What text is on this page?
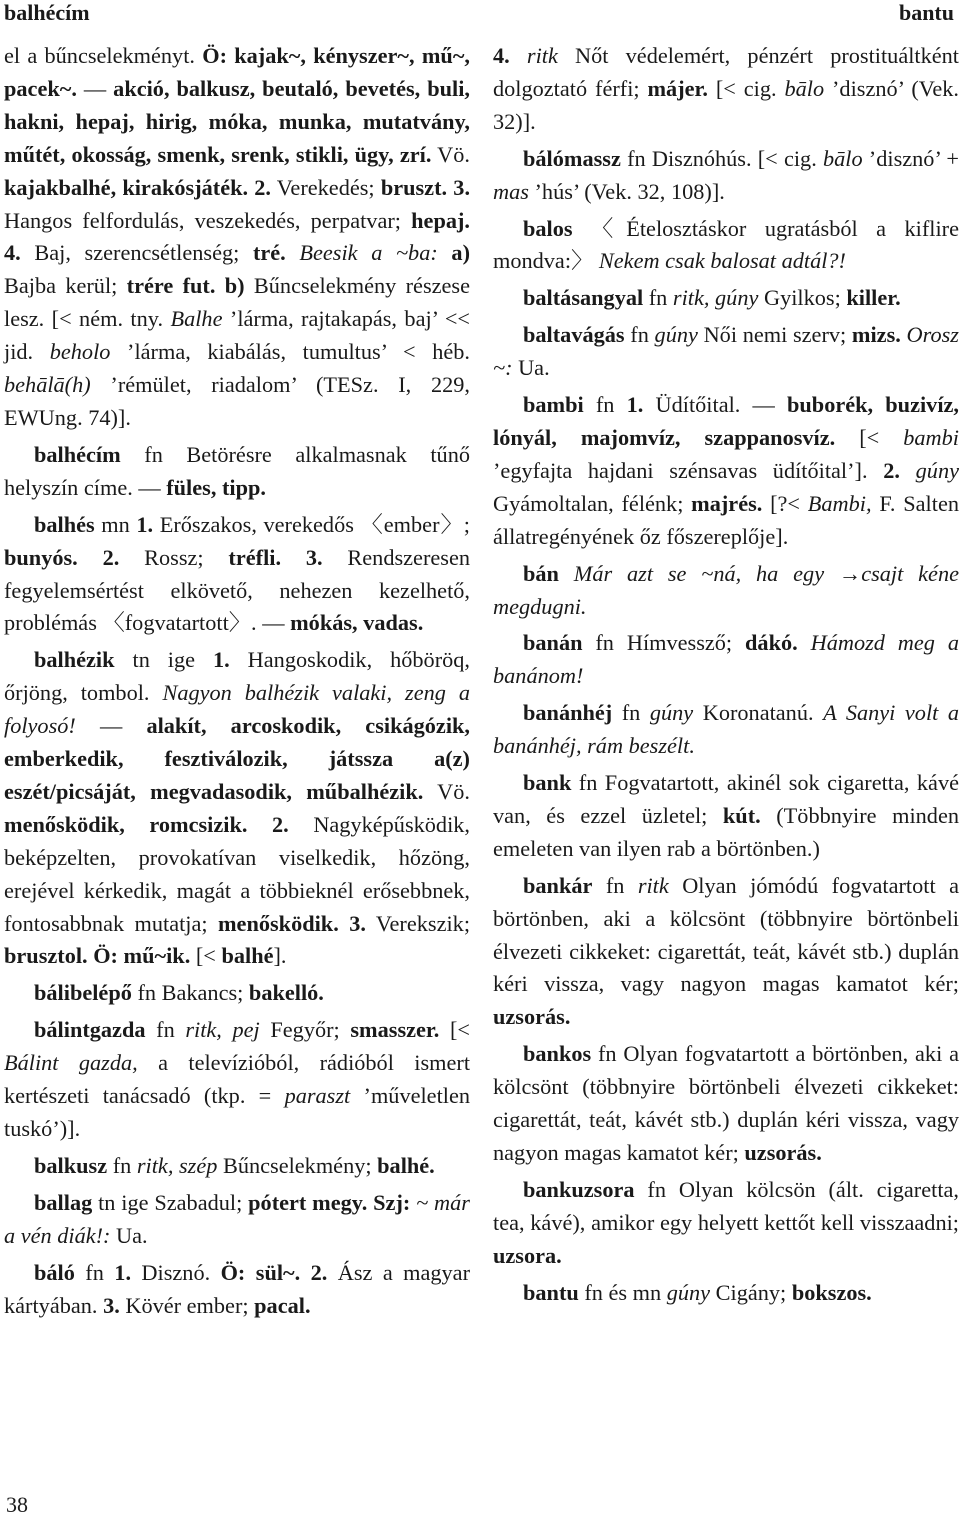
balhécím	bantu

el a bűncselekményt. Ö: kajak~, kényszer~, mű~, pacek~. — akció, balkusz, beutaló, bevetés, buli, hakni, hepaj, hirig, móka, munka, mutatvány, műtét, okosság, smenk, srenk, stikli, ügy, zrí. Vö. kajakbalhé, kirakósjáték. 2. Verekedés; bruszt. 3. Hangos felfordulás, veszekedés, perpatvar; hepaj. 4. Baj, szerencsétlenség; tré. Beesik a ~ba: a) Bajba kerül; trére fut. b) Bűncselekmény részese lesz. [< ném. tny. Balhe ’lárma, rajtakapás, baj’ << jid. beholo ’lárma, kiabálás, tumultus’ < héb. behālā(h) ’rémület, riadalom’ (TESz. I, 229, EWUng. 74)].

balhécím fn Betörésre alkalmasnak tűnő helyszín címe. — füles, tipp.

balhés mn 1. Erőszakos, verekedős 〈ember〉; bunyós. 2. Rossz; tréfli. 3. Rendszeresen fegyelemsértést elkövető, nehezen kezelhető, problémás 〈fogvatartott〉. — mókás, vadas.

balhézik tn ige 1. Hangoskodik, hőböröq, őrjöng, tombol. Nagyon balhézik valaki, zeng a folyosó! — alakít, arcoskodik, csikágózik, emberkedik, fesztiválozik, játssza a(z) eszét/picsáját, megvadasodik, műbalhézik. Vö. menősködik, romcsizik. 2. Nagyképűsködik, beképzelten, provokatívan viselkedik, hőzöng, erejével kérkedik, magát a többieknél erősebbnek, fontosabbnak mutatja; menősködik. 3. Verekszik; brusztol. Ö: mű~ik. [< balhé].

bálibelépő fn Bakancs; bakelló.

bálintgazda fn ritk, pej Fegyőr; smasszer. [< Bálint gazda, a televízióból, rádióból ismert kertészeti tanácsadó (tkp. = paraszt ’műveletlen tuskó’)].

balkusz fn ritk, szép Bűncselekmény; balhé.

ballag tn ige Szabadul; pótert megy. Szj: ~ már a vén diák!: Ua.

báló fn 1. Disznó. Ö: sül~. 2. Ász a magyar kártyában. 3. Kövér ember; pacal.

4. ritk Nőt védelemért, pénzért prostituáltként dolgoztató férfi; májer. [< cig. bālo ’disznó’ (Vek. 32)].

bálómassz fn Disznóhús. [< cig. bālo ’disznó’ + mas ’hús’ (Vek. 32, 108)].

balos 〈Ételosztáskor ugratásból a kiflire mondva:〉 Nekem csak balosat adtál?!

baltásangyal fn ritk, gúny Gyilkos; killer.

baltavágás fn gúny Női nemi szerv; mizs. Orosz ~: Ua.

bambi fn 1. Üdítőital. — buborék, buzivíz, lónyál, majomvíz, szappanosvíz. [< bambi ’egyfajta hajdani szénsavas üdítőital’]. 2. gúny Gyámoltalan, félénk; majrés. [?< Bambi, F. Salten állatregényének őz főszereplője].

bán Már azt se ~ná, ha egy →csajt kéne megdugni.

banán fn Hímvessző; dákó. Hámozd meg a banánom!

banánhéj fn gúny Koronatanú. A Sanyi volt a banánhéj, rám beszélt.

bank fn Fogvatartott, akinél sok cigaretta, kávé van, és ezzel üzletel; kút. (Többnyire minden emeleten van ilyen rab a börtönben.)

bankár fn ritk Olyan jómódú fogvatartott a börtönben, aki a kölcsönt (többnyire börtönbeli élvezeti cikkeket: cigarettát, teát, kávét stb.) duplán kéri vissza, vagy nagyon magas kamatot kér; uzsorás.

bankos fn Olyan fogvatartott a börtönben, aki a kölcsönt (többnyire börtönbeli élvezeti cikkeket: cigarettát, teát, kávét stb.) duplán kéri vissza, vagy nagyon magas kamatot kér; uzsorás.

bankuzsora fn Olyan kölcsön (ált. cigaretta, tea, kávé), amikor egy helyett kettőt kell visszaadni; uzsora.

bantu fn és mn gúny Cigány; bokszos.

38
